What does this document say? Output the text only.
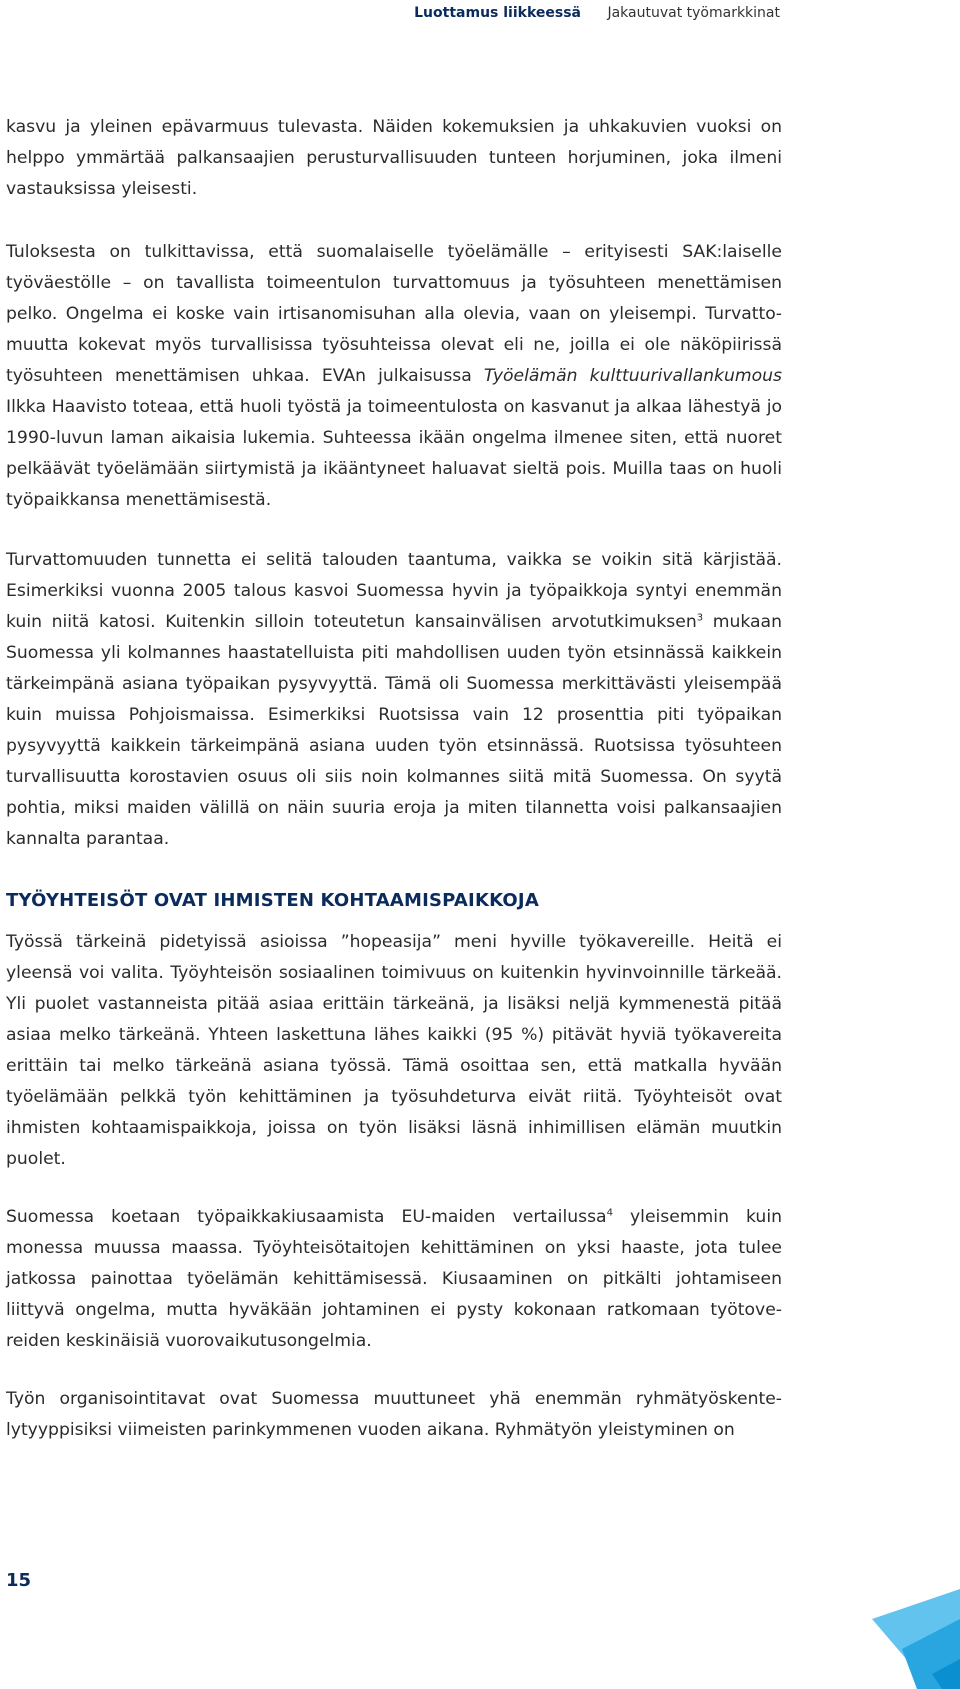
Luottamus liikkeessä Jakautuvat työmarkkinat

kasvu ja yleinen epävarmuus tulevasta. Näiden kokemuksien ja uhkakuvien vuoksi on helppo ymmärtää palkansaajien perusturvallisuuden tunteen horjuminen, joka ilmeni vastauksissa yleisesti.

Tuloksesta on tulkittavissa, että suomalaiselle työelämälle – erityisesti SAK:laiselle työväestölle – on tavallista toimeentulon turvattomuus ja työsuhteen menettämisen pelko. Ongelma ei koske vain irtisanomisuhan alla olevia, vaan on yleisempi. Turvattomuutta kokevat myös turvallisissa työsuhteissa olevat eli ne, joilla ei ole näköpiirissä työsuhteen menettämisen uhkaa. EVAn julkaisussa Työelämän kulttuurivallankumous Ilkka Haavisto toteaa, että huoli työstä ja toimeentulosta on kasvanut ja alkaa lähestyä jo 1990-luvun laman aikaisia lukemia. Suhteessa ikään ongelma ilmenee siten, että nuoret pelkäävät työelämään siirtymistä ja ikääntyneet haluavat sieltä pois. Muilla taas on huoli työpaikkansa menettämisestä.

Turvattomuuden tunnetta ei selitä talouden taantuma, vaikka se voikin sitä kärjistää. Esimerkiksi vuonna 2005 talous kasvoi Suomessa hyvin ja työpaikkoja syntyi enemmän kuin niitä katosi. Kuitenkin silloin toteutetun kansainvälisen arvotutkimuksen$^3$ mukaan Suomessa yli kolmannes haastatelluista piti mahdollisen uuden työn etsinnässä kaikkein tärkeimpänä asiana työpaikan pysyvyyttä. Tämä oli Suomessa merkittävästi yleisempää kuin muissa Pohjoismaissa. Esimerkiksi Ruotsissa vain 12 prosenttia piti työpaikan pysyvyyttä kaikkein tärkeimpänä asiana uuden työn etsinnässä. Ruotsissa työsuhteen turvallisuutta korostavien osuus oli siis noin kolmannes siitä mitä Suomessa. On syytä pohtia, miksi maiden välillä on näin suuria eroja ja miten tilannetta voisi palkansaajien kannalta parantaa.

TYÖYHTEISÖT OVAT IHMISTEN KOHTAAMISPAIKKOJA

Työssä tärkeinä pidetyissä asioissa ”hopeasija” meni hyville työkavereille. Heitä ei yleensä voi valita. Työyhteisön sosiaalinen toimivuus on kuitenkin hyvinvoinnille tärkeää. Yli puolet vastanneista pitää asiaa erittäin tärkeänä, ja lisäksi neljä kymmenestä pitää asiaa melko tärkeänä. Yhteen laskettuna lähes kaikki (95 %) pitävät hyviä työkavereita erittäin tai melko tärkeänä asiana työssä. Tämä osoittaa sen, että matkalla hyvään työelämään pelkkä työn kehittäminen ja työsuhdeturva eivät riitä. Työyhteisöt ovat ihmisten kohtaamispaikkoja, joissa on työn lisäksi läsnä inhimillisen elämän muutkin puolet.

Suomessa koetaan työpaikkakiusaamista EU-maiden vertailussa$^4$ yleisemmin kuin monessa muussa maassa. Työyhteisötaitojen kehittäminen on yksi haaste, jota tulee jatkossa painottaa työelämän kehittämisessä. Kiusaaminen on pitkälti johtamiseen liittyvä ongelma, mutta hyväkään johtaminen ei pysty kokonaan ratkomaan työtovereiden keskinäisiä vuorovaikutusongelmia.

Työn organisointitavat ovat Suomessa muuttuneet yhä enemmän ryhmätyöskentelytyyppisiksi viimeisten parinkymmenen vuoden aikana. Ryhmätyön yleistyminen on

15
